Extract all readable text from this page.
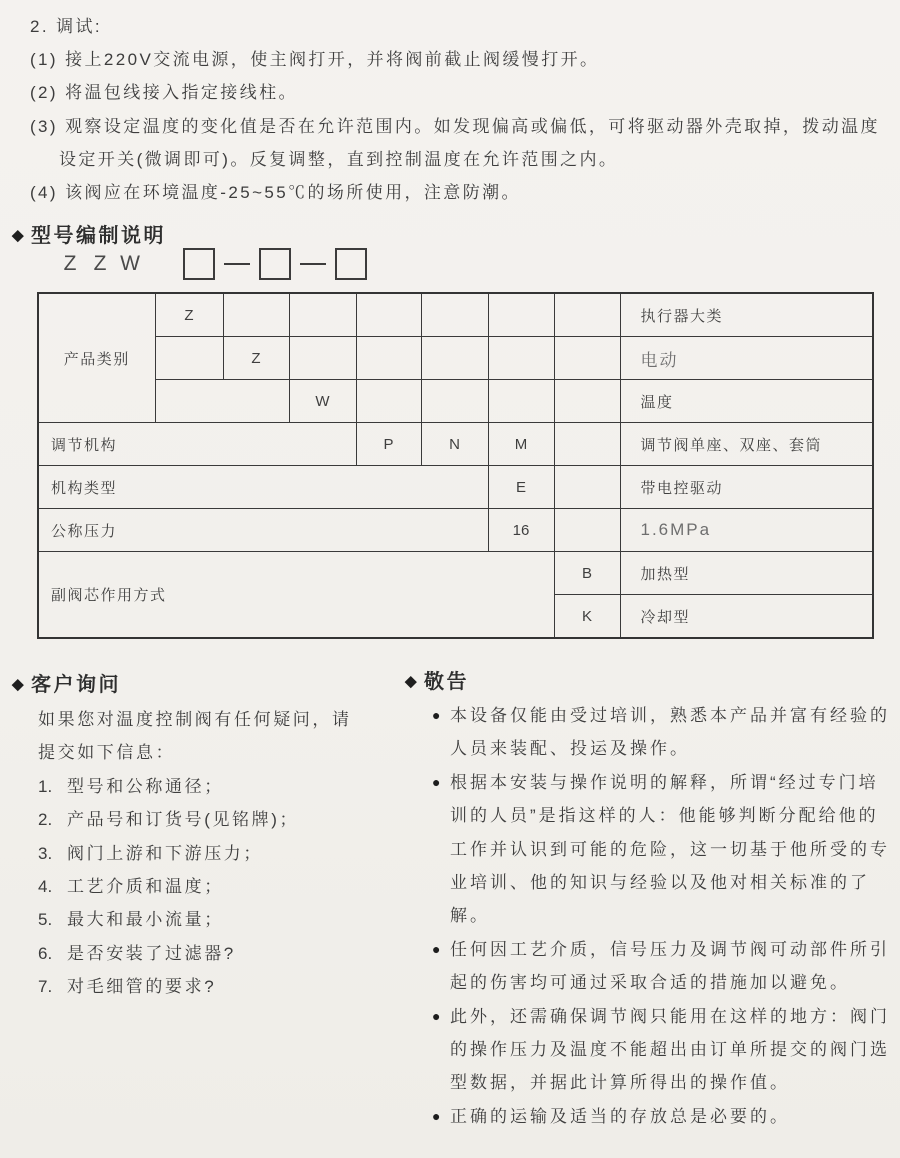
2. 调试:
(1) 接上220V交流电源，使主阀打开，并将阀前截止阀缓慢打开。
(2) 将温包线接入指定接线柱。
(3) 观察设定温度的变化值是否在允许范围内。如发现偏高或偏低，可将驱动器外壳取掉，拨动温度
设定开关(微调即可)。反复调整，直到控制温度在允许范围之内。
(4) 该阀应在环境温度-25~55℃的场所使用，注意防潮。
◆ 型号编制说明
Z Z W
产品类别	Z							执行器大类
		Z						电动
			W					温度
调节机构				P	N	M		调节阀单座、双座、套筒
机构类型						E		带电控驱动
公称压力						16		1.6MPa
副阀芯作用方式							B	加热型
							K	冷却型
◆ 客户询问
如果您对温度控制阀有任何疑问，请
提交如下信息：
1. 型号和公称通径；
2. 产品号和订货号(见铭牌)；
3. 阀门上游和下游压力；
4. 工艺介质和温度；
5. 最大和最小流量；
6. 是否安装了过滤器?
7. 对毛细管的要求?
◆ 敬告
● 本设备仅能由受过培训，熟悉本产品并富有经验的人员来装配、投运及操作。
● 根据本安装与操作说明的解释，所谓“经过专门培训的人员”是指这样的人：他能够判断分配给他的工作并认识到可能的危险，这一切基于他所受的专业培训、他的知识与经验以及他对相关标准的了解。
● 任何因工艺介质，信号压力及调节阀可动部件所引起的伤害均可通过采取合适的措施加以避免。
● 此外，还需确保调节阀只能用在这样的地方：阀门的操作压力及温度不能超出由订单所提交的阀门选型数据，并据此计算所得出的操作值。
● 正确的运输及适当的存放总是必要的。
